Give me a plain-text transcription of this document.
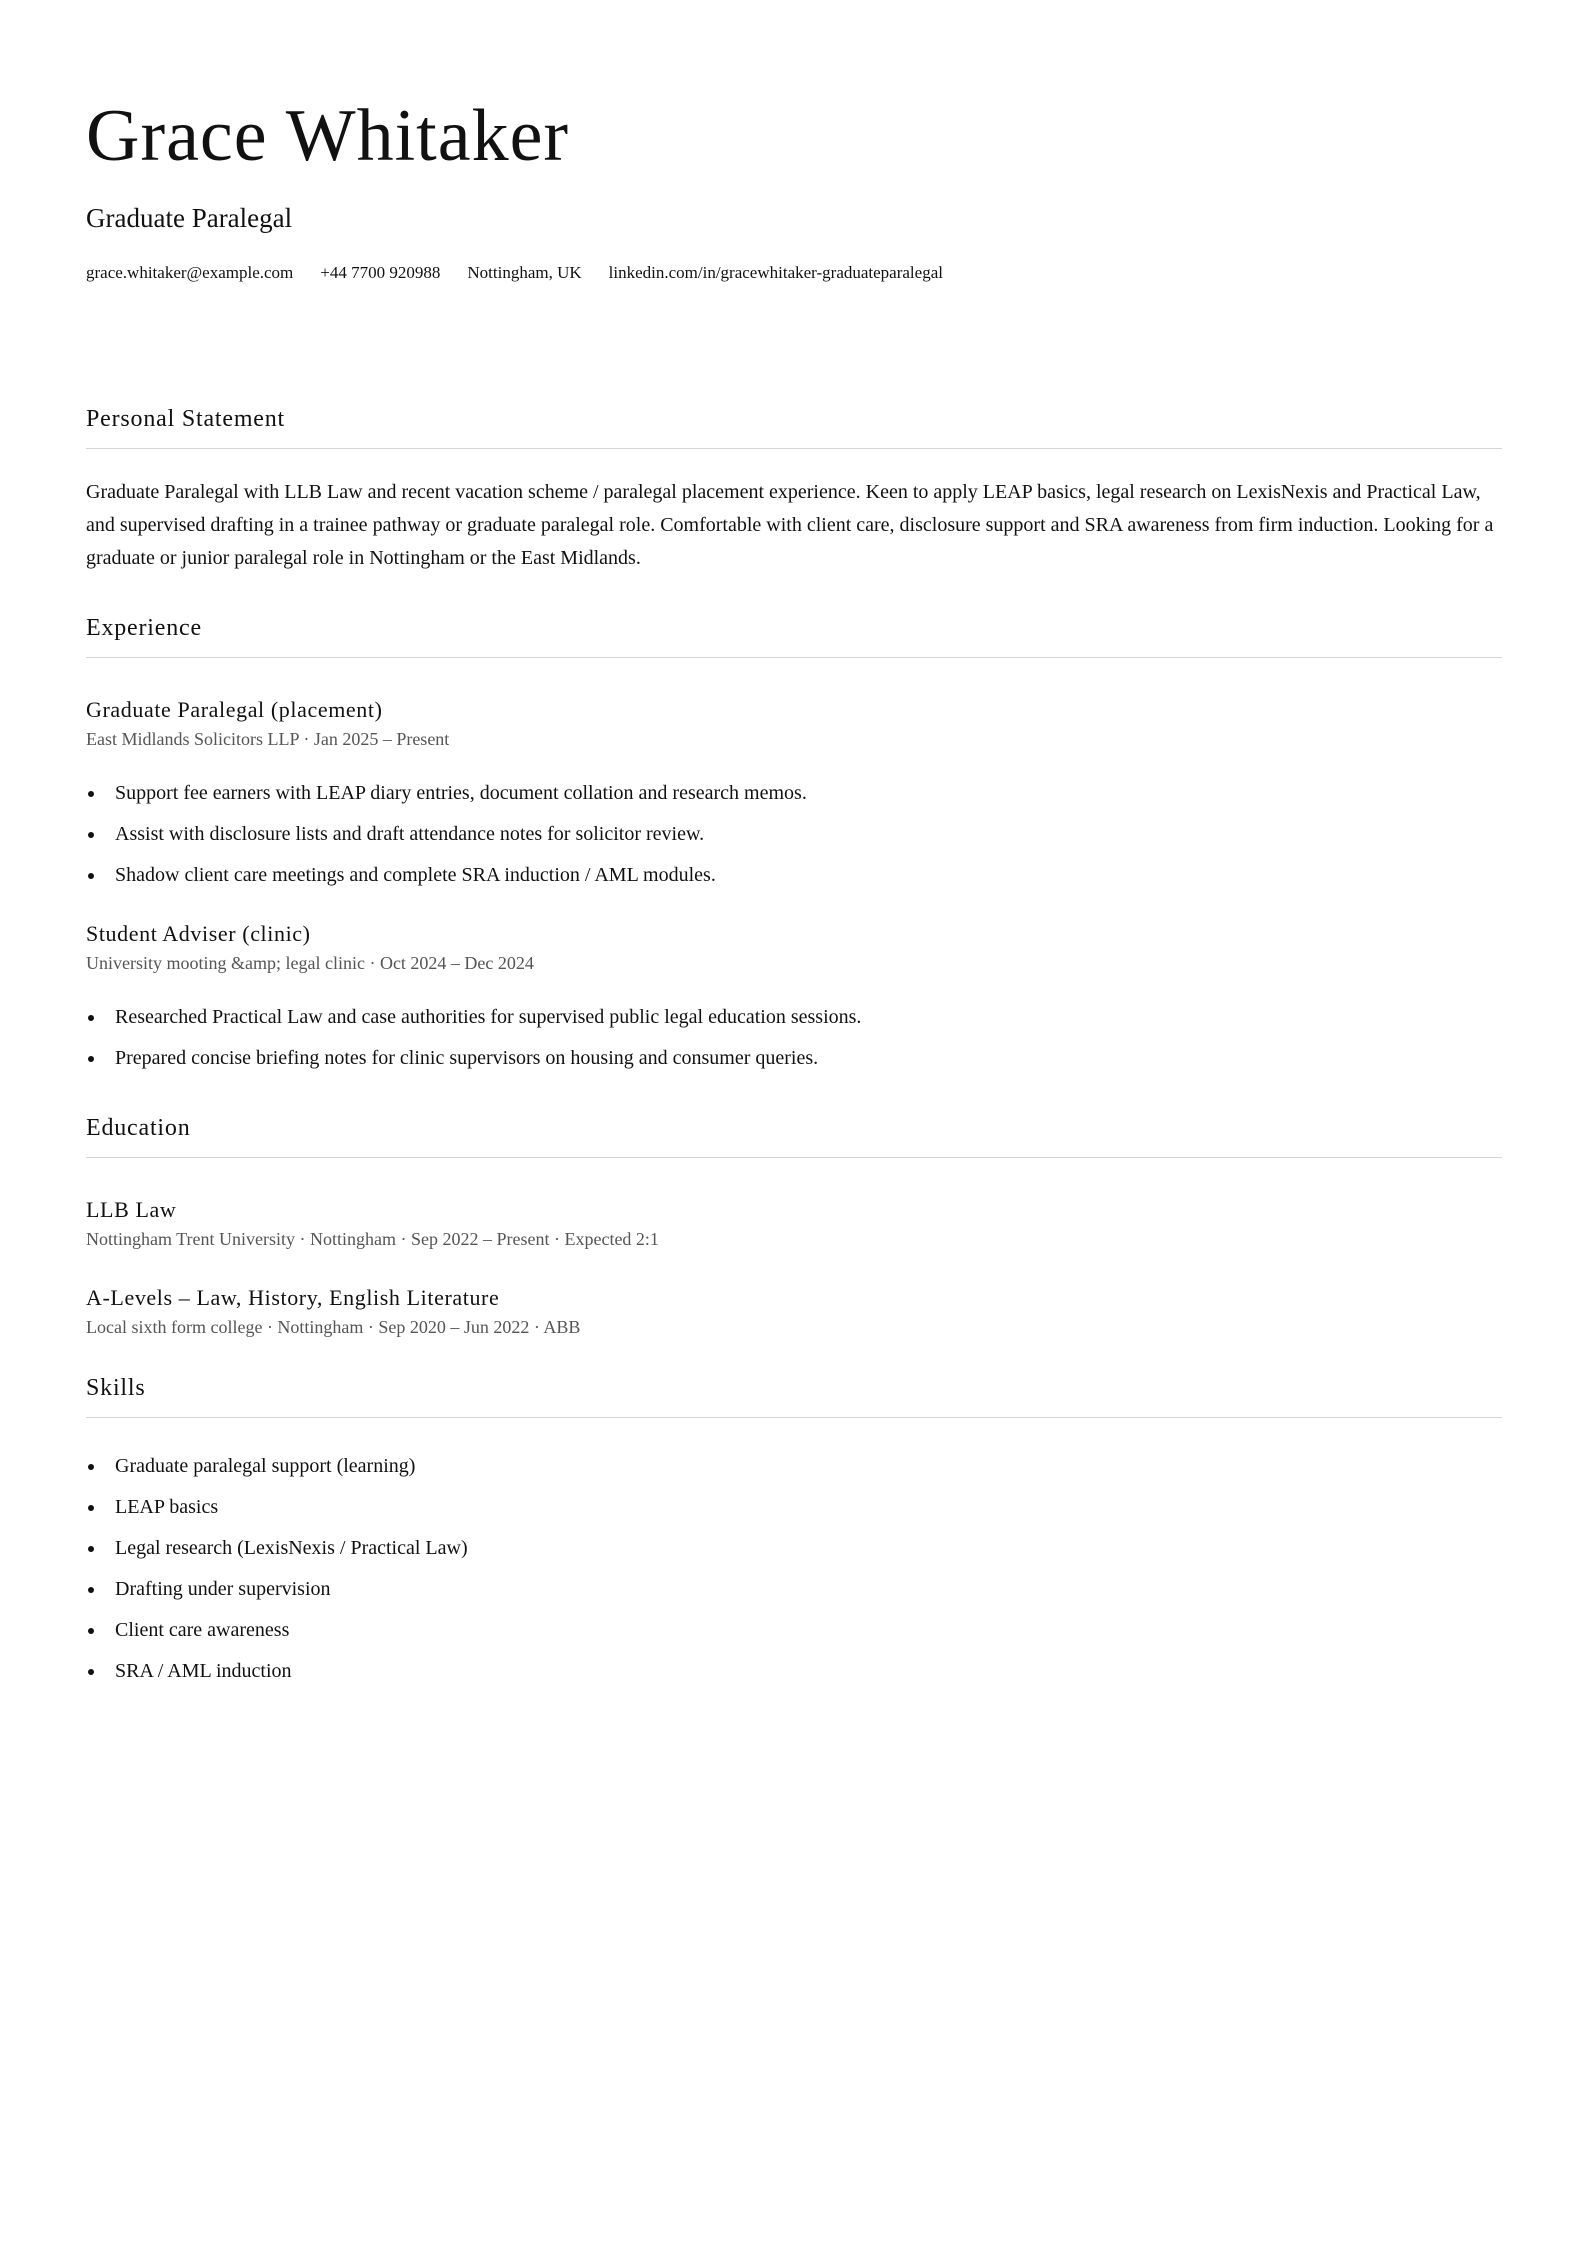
Grace Whitaker
Graduate Paralegal
grace.whitaker@example.com +44 7700 920988 Nottingham, UK linkedin.com/in/gracewhitaker-graduateparalegal
Personal Statement
Graduate Paralegal with LLB Law and recent vacation scheme / paralegal placement experience. Keen to apply LEAP basics, legal research on LexisNexis and Practical Law, and supervised drafting in a trainee pathway or graduate paralegal role. Comfortable with client care, disclosure support and SRA awareness from firm induction. Looking for a graduate or junior paralegal role in Nottingham or the East Midlands.
Experience
Graduate Paralegal (placement)
East Midlands Solicitors LLP · Jan 2025 – Present
Support fee earners with LEAP diary entries, document collation and research memos.
Assist with disclosure lists and draft attendance notes for solicitor review.
Shadow client care meetings and complete SRA induction / AML modules.
Student Adviser (clinic)
University mooting &amp; legal clinic · Oct 2024 – Dec 2024
Researched Practical Law and case authorities for supervised public legal education sessions.
Prepared concise briefing notes for clinic supervisors on housing and consumer queries.
Education
LLB Law
Nottingham Trent University · Nottingham · Sep 2022 – Present · Expected 2:1
A-Levels – Law, History, English Literature
Local sixth form college · Nottingham · Sep 2020 – Jun 2022 · ABB
Skills
Graduate paralegal support (learning)
LEAP basics
Legal research (LexisNexis / Practical Law)
Drafting under supervision
Client care awareness
SRA / AML induction
